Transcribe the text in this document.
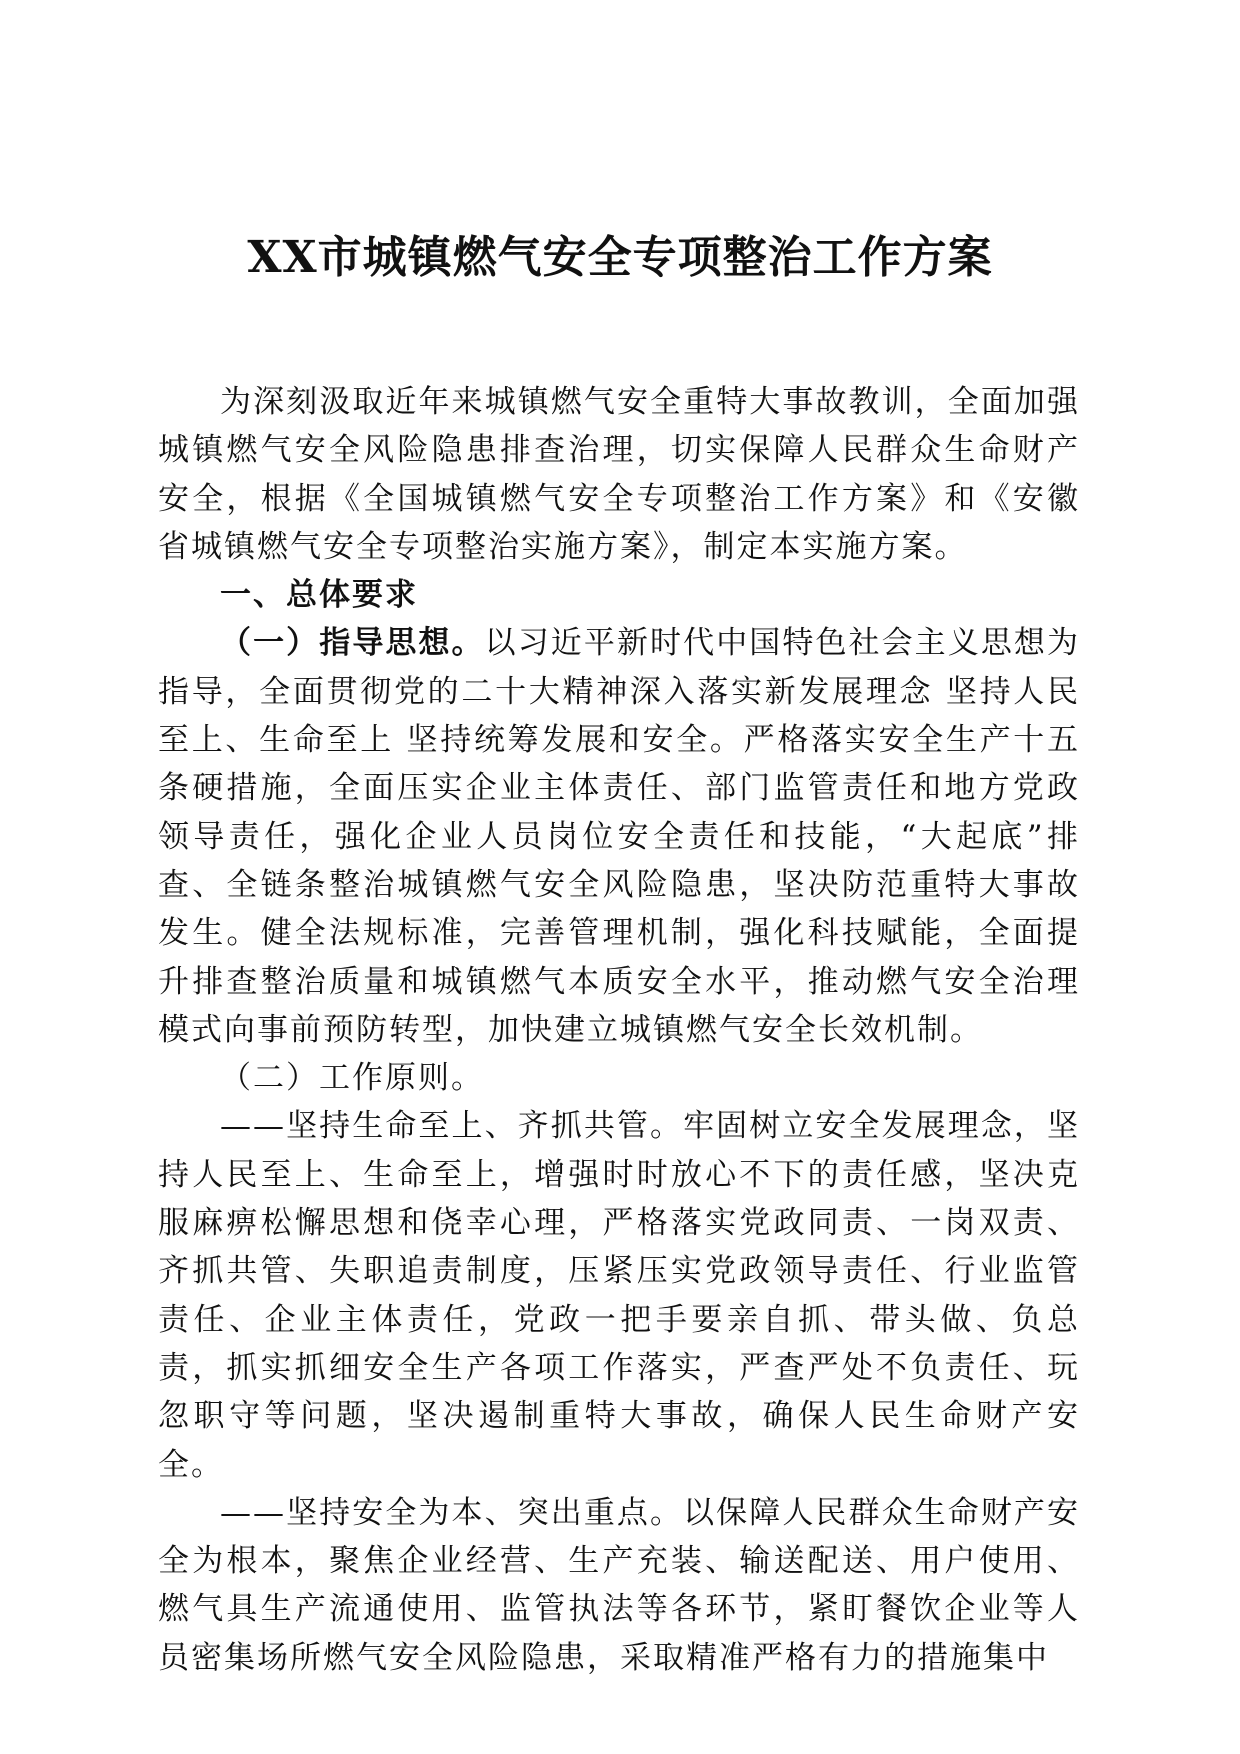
XX市城镇燃气安全专项整治工作方案

为深刻汲取近年来城镇燃气安全重特大事故教训，全面加强城镇燃气安全风险隐患排查治理，切实保障人民群众生命财产安全，根据《全国城镇燃气安全专项整治工作方案》和《安徽省城镇燃气安全专项整治实施方案》，制定本实施方案。

一、总体要求

（一）指导思想。以习近平新时代中国特色社会主义思想为指导，全面贯彻党的二十大精神深入落实新发展理念 坚持人民至上、生命至上 坚持统筹发展和安全。严格落实安全生产十五条硬措施，全面压实企业主体责任、部门监管责任和地方党政领导责任，强化企业人员岗位安全责任和技能，“大起底”排查、全链条整治城镇燃气安全风险隐患，坚决防范重特大事故发生。健全法规标准，完善管理机制，强化科技赋能，全面提升排查整治质量和城镇燃气本质安全水平，推动燃气安全治理模式向事前预防转型，加快建立城镇燃气安全长效机制。

（二）工作原则。

——坚持生命至上、齐抓共管。牢固树立安全发展理念，坚持人民至上、生命至上，增强时时放心不下的责任感，坚决克服麻痹松懈思想和侥幸心理，严格落实党政同责、一岗双责、齐抓共管、失职追责制度，压紧压实党政领导责任、行业监管责任、企业主体责任，党政一把手要亲自抓、带头做、负总责，抓实抓细安全生产各项工作落实，严查严处不负责任、玩忽职守等问题，坚决遏制重特大事故，确保人民生命财产安全。

——坚持安全为本、突出重点。以保障人民群众生命财产安全为根本，聚焦企业经营、生产充装、输送配送、用户使用、燃气具生产流通使用、监管执法等各环节，紧盯餐饮企业等人员密集场所燃气安全风险隐患，采取精准严格有力的措施集中
